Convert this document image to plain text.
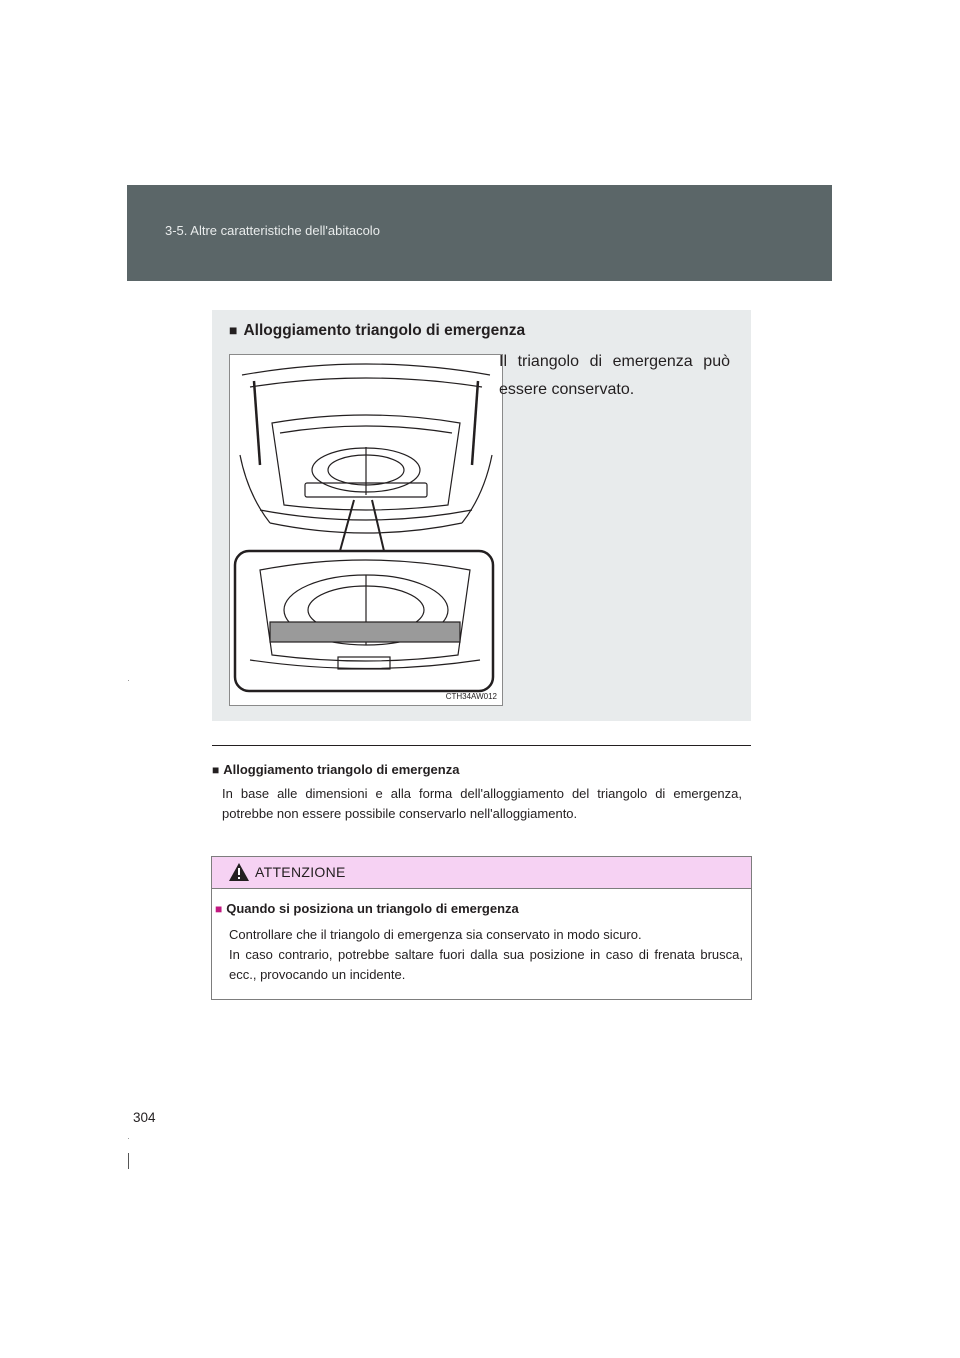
3-5. Altre caratteristiche dell'abitacolo
■ Alloggiamento triangolo di emergenza
CTH34AW012
Il triangolo di emergenza può essere conservato.
■ Alloggiamento triangolo di emergenza
In base alle dimensioni e alla forma dell'alloggiamento del triangolo di emergenza, potrebbe non essere possibile conservarlo nell'alloggiamento.
ATTENZIONE
■ Quando si posiziona un triangolo di emergenza
Controllare che il triangolo di emergenza sia conservato in modo sicuro.
In caso contrario, potrebbe saltare fuori dalla sua posizione in caso di frenata brusca, ecc., provocando un incidente.
304
